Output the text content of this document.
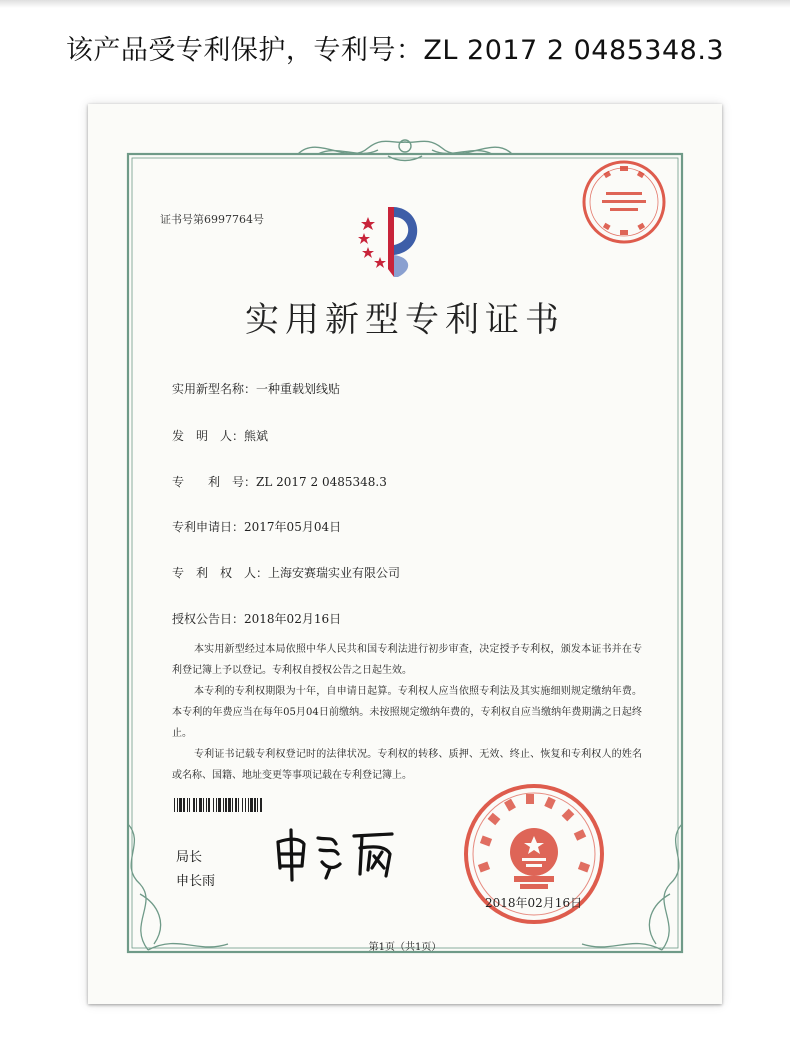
该产品受专利保护，专利号：ZL 2017 2 0485348.3
证书号第6997764号
实用新型专利证书
实用新型名称：一种重载划线贴
发　明　人：熊斌
专　　利　号：ZL 2017 2 0485348.3
专利申请日：2017年05月04日
专　利　权　人：上海安赛瑞实业有限公司
授权公告日：2018年02月16日

本实用新型经过本局依照中华人民共和国专利法进行初步审查，决定授予专利权，颁发本证书并在专利登记簿上予以登记。专利权自授权公告之日起生效。

本专利的专利权期限为十年，自申请日起算。专利权人应当依照专利法及其实施细则规定缴纳年费。本专利的年费应当在每年05月04日前缴纳。未按照规定缴纳年费的，专利权自应当缴纳年费期满之日起终止。

专利证书记载专利权登记时的法律状况。专利权的转移、质押、无效、终止、恢复和专利权人的姓名或名称、国籍、地址变更等事项记载在专利登记簿上。

局长
申长雨
2018年02月16日
第1页（共1页）
